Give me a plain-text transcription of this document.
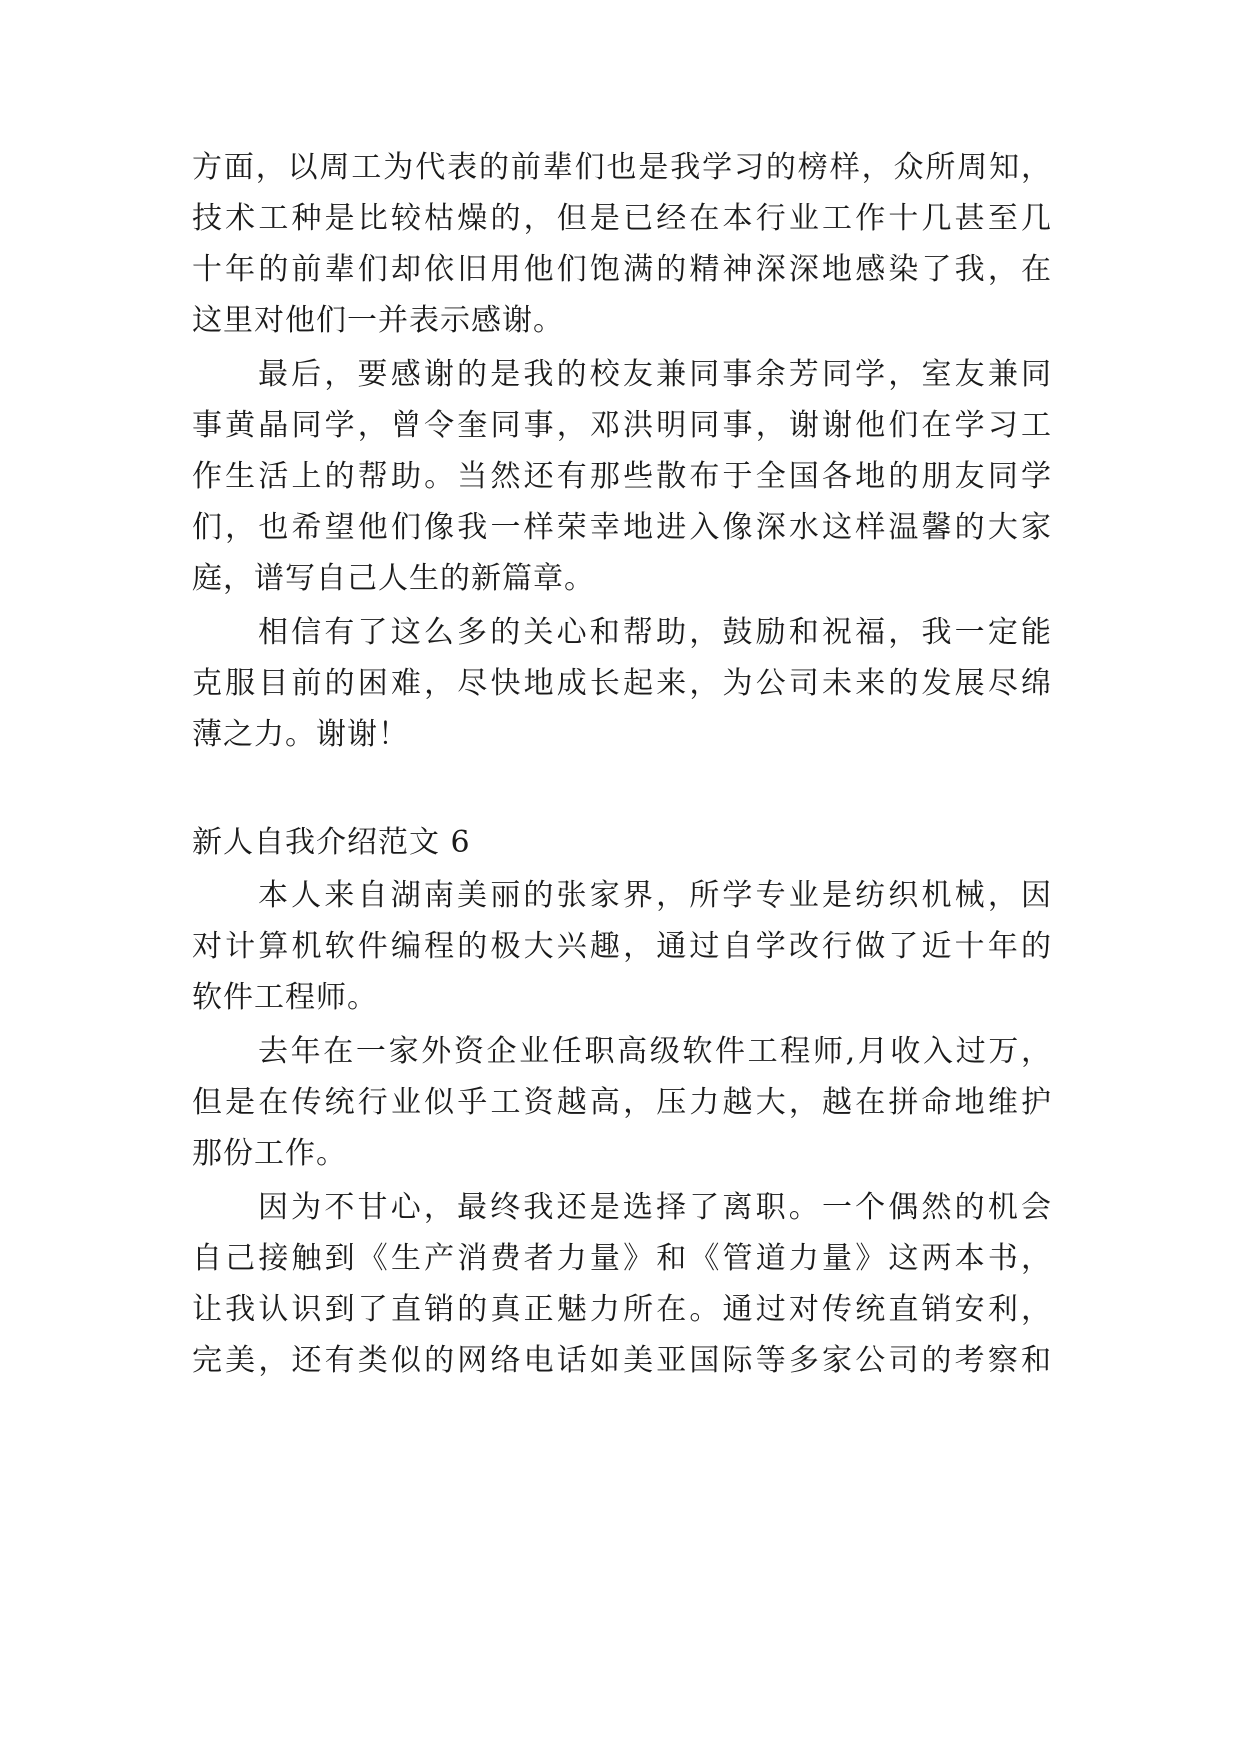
方面，以周工为代表的前辈们也是我学习的榜样，众所周知，
技术工种是比较枯燥的，但是已经在本行业工作十几甚至几
十年的前辈们却依旧用他们饱满的精神深深地感染了我，在
这里对他们一并表示感谢。
最后，要感谢的是我的校友兼同事余芳同学，室友兼同
事黄晶同学，曾令奎同事，邓洪明同事，谢谢他们在学习工
作生活上的帮助。当然还有那些散布于全国各地的朋友同学
们，也希望他们像我一样荣幸地进入像深水这样温馨的大家
庭，谱写自己人生的新篇章。
相信有了这么多的关心和帮助，鼓励和祝福，我一定能
克服目前的困难，尽快地成长起来，为公司未来的发展尽绵
薄之力。谢谢！
新人自我介绍范文 6
本人来自湖南美丽的张家界，所学专业是纺织机械，因
对计算机软件编程的极大兴趣，通过自学改行做了近十年的
软件工程师。
去年在一家外资企业任职高级软件工程师,月收入过万，
但是在传统行业似乎工资越高，压力越大，越在拼命地维护
那份工作。
因为不甘心，最终我还是选择了离职。一个偶然的机会
自己接触到《生产消费者力量》和《管道力量》这两本书，
让我认识到了直销的真正魅力所在。通过对传统直销安利，
完美，还有类似的网络电话如美亚国际等多家公司的考察和
